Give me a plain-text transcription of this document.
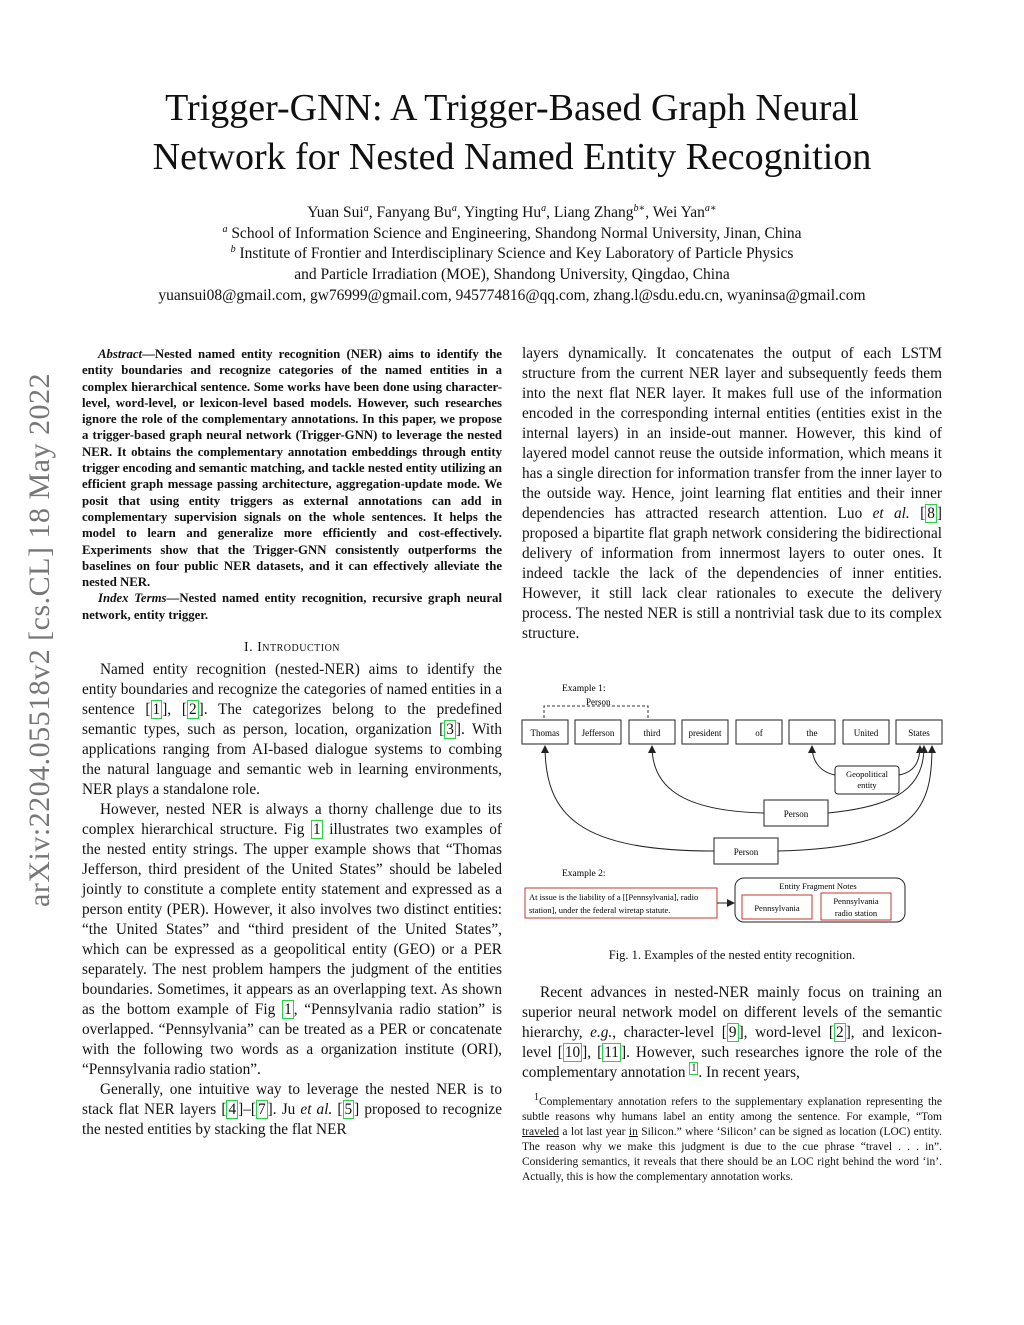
arXiv:2204.05518v2 [cs.CL] 18 May 2022
Trigger-GNN: A Trigger-Based Graph Neural
Network for Nested Named Entity Recognition
Yuan Sui$^a$, Fanyang Bu$^a$, Yingting Hu$^a$, Liang Zhang$^{b∗}$, Wei Yan$^{a∗}$
$^a$ School of Information Science and Engineering, Shandong Normal University, Jinan, China
$^b$ Institute of Frontier and Interdisciplinary Science and Key Laboratory of Particle Physics
and Particle Irradiation (MOE), Shandong University, Qingdao, China
yuansui08@gmail.com, gw76999@gmail.com, 945774816@qq.com, zhang.l@sdu.edu.cn, wyaninsa@gmail.com
Abstract—Nested named entity recognition (NER) aims to identify the entity boundaries and recognize categories of the named entities in a complex hierarchical sentence. Some works have been done using character-level, word-level, or lexicon-level based models. However, such researches ignore the role of the complementary annotations. In this paper, we propose a trigger-based graph neural network (Trigger-GNN) to leverage the nested NER. It obtains the complementary annotation embeddings through entity trigger encoding and semantic matching, and tackle nested entity utilizing an efficient graph message passing architecture, aggregation-update mode. We posit that using entity triggers as external annotations can add in complementary supervision signals on the whole sentences. It helps the model to learn and generalize more efficiently and cost-effectively. Experiments show that the Trigger-GNN consistently outperforms the baselines on four public NER datasets, and it can effectively alleviate the nested NER.
Index Terms—Nested named entity recognition, recursive graph neural network, entity trigger.
I. Introduction

Named entity recognition (nested-NER) aims to identify the entity boundaries and recognize the categories of named entities in a sentence [ 1 ], [ 2 ]. The categorizes belong to the predefined semantic types, such as person, location, organization [ 3 ]. With applications ranging from AI-based dialogue systems to combing the natural language and semantic web in learning environments, NER plays a standalone role.

However, nested NER is always a thorny challenge due to its complex hierarchical structure. Fig 1 illustrates two examples of the nested entity strings. The upper example shows that “Thomas Jefferson, third president of the United States” should be labeled jointly to constitute a complete entity statement and expressed as a person entity (PER). However, it also involves two distinct entities: “the United States” and “third president of the United States”, which can be expressed as a geopolitical entity (GEO) or a PER separately. The nest problem hampers the judgment of the entities boundaries. Sometimes, it appears as an overlapping text. As shown as the bottom example of Fig 1 , “Pennsylvania radio station” is overlapped. “Pennsylvania” can be treated as a PER or concatenate with the following two words as a organization institute (ORI), “Pennsylvania radio station”.

Generally, one intuitive way to leverage the nested NER is to stack flat NER layers [ 4 ]–[ 7 ]. Ju et al. [ 5 ] proposed to recognize the nested entities by stacking the flat NER

layers dynamically. It concatenates the output of each LSTM structure from the current NER layer and subsequently feeds them into the next flat NER layer. It makes full use of the information encoded in the corresponding internal entities (entities exist in the internal layers) in an inside-out manner. However, this kind of layered model cannot reuse the outside information, which means it has a single direction for information transfer from the inner layer to the outside way. Hence, joint learning flat entities and their inner dependencies has attracted research attention. Luo et al. [ 8 ] proposed a bipartite flat graph network considering the bidirectional delivery of information from innermost layers to outer ones. It indeed tackle the lack of the dependencies of inner entities. However, it still lack clear rationales to execute the delivery process. The nested NER is still a nontrivial task due to its complex structure.

Example 1:
Person
Thomas Jefferson	third	president	of	the	United	States
Geopolitical
entity
Person
Person
Example 2:
At issue is the liability of a [[Pennsylvania], radio
station], under the federal wiretap statute.
Entity Fragment Notes
Pennsylvania
Pennsylvania
radio station
Fig. 1. Examples of the nested entity recognition.

Recent advances in nested-NER mainly focus on training an superior neural network model on different levels of the semantic hierarchy, e.g., character-level [ 9 ], word-level [ 2 ], and lexicon-level [ 10 ], [ 11 ]. However, such researches ignore the role of the complementary annotation $^1$ . In recent years,

$^1$Complementary annotation refers to the supplementary explanation representing the subtle reasons why humans label an entity among the sentence. For example, “Tom traveled a lot last year in Silicon.” where ‘Silicon’ can be signed as location (LOC) entity. The reason why we make this judgment is due to the cue phrase “travel . . . in”. Considering semantics, it reveals that there should be an LOC right behind the word ‘in’. Actually, this is how the complementary annotation works.
